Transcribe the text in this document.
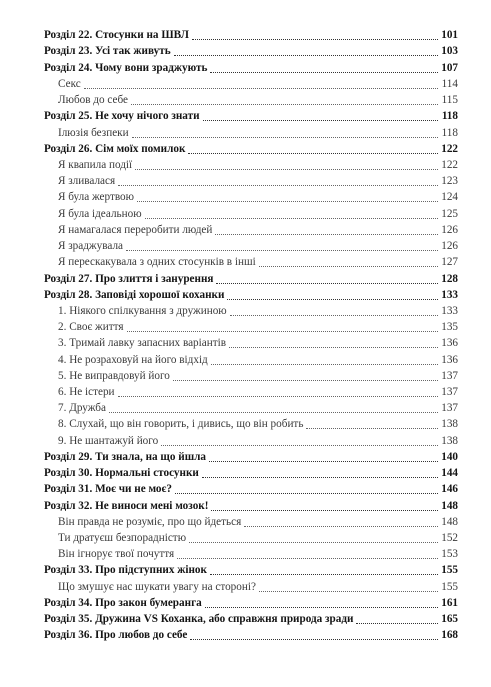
Розділ 22. Стосунки на ШВЛ	101
Розділ 23. Усі так живуть	103
Розділ 24. Чому вони зраджують	107
Секс	114
Любов до себе	115
Розділ 25. Не хочу нічого знати	118
Ілюзія безпеки	118
Розділ 26. Сім моїх помилок	122
Я квапила події	122
Я зливалася	123
Я була жертвою	124
Я була ідеальною	125
Я намагалася переробити людей	126
Я зраджувала	126
Я перескакувала з одних стосунків в інші	127
Розділ 27. Про злиття і занурення	128
Розділ 28. Заповіді хорошої коханки	133
1. Ніякого спілкування з дружиною	133
2. Своє життя	135
3. Тримай лавку запасних варіантів	136
4. Не розраховуй на його відхід	136
5. Не виправдовуй його	137
6. Не істери	137
7. Дружба	137
8. Слухай, що він говорить, і дивись, що він робить	138
9. Не шантажуй його	138
Розділ 29. Ти знала, на що йшла	140
Розділ 30. Нормальні стосунки	144
Розділ 31. Моє чи не моє?	146
Розділ 32. Не виноси мені мозок!	148
Він правда не розуміє, про що йдеться	148
Ти дратуєш безпорадністю	152
Він ігнорує твої почуття	153
Розділ 33. Про підступних жінок	155
Що змушує нас шукати увагу на стороні?	155
Розділ 34. Про закон бумеранга	161
Розділ 35. Дружина VS Коханка, або справжня природа зради	165
Розділ 36. Про любов до себе	168
